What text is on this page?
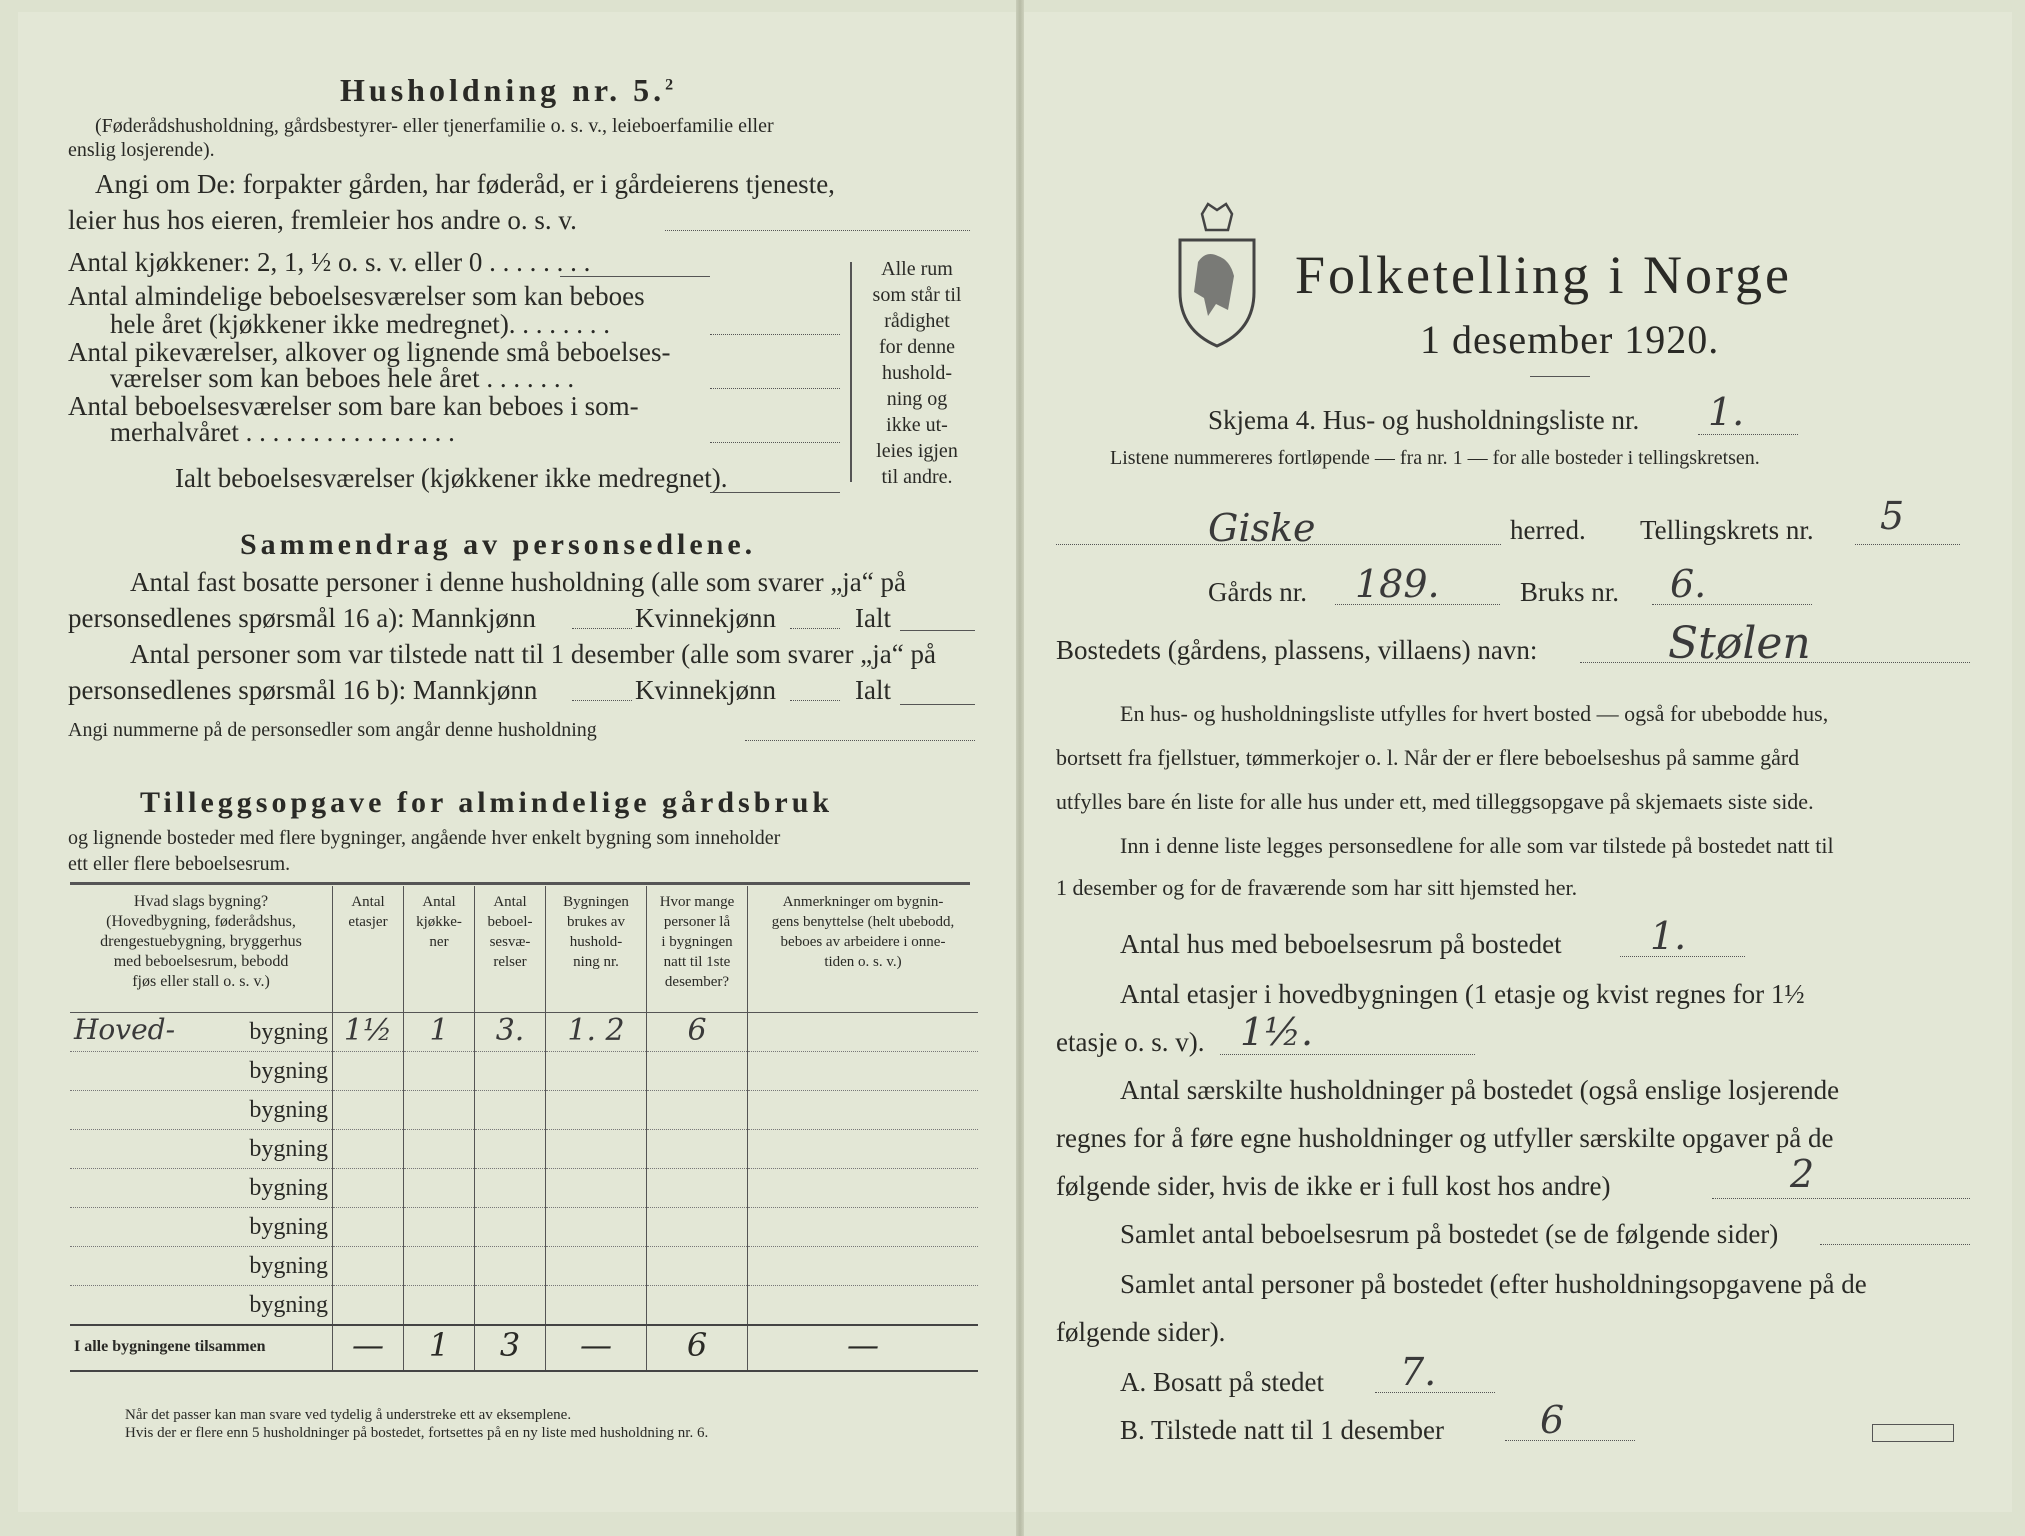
Husholdning nr. 5.$^2$
(Føderådshusholdning, gårdsbestyrer- eller tjenerfamilie o. s. v., leieboerfamilie eller
enslig losjerende).
Angi om De: forpakter gården, har føderåd, er i gårdeierens tjeneste,
leier hus hos eieren, fremleier hos andre o. s. v.
Antal kjøkkener: 2, 1, ½ o. s. v. eller 0 . . . . . . . .
Antal almindelige beboelsesværelser som kan beboes
hele året (kjøkkener ikke medregnet). . . . . . . .
Antal pikeværelser, alkover og lignende små beboelses-
værelser som kan beboes hele året . . . . . . .
Antal beboelsesværelser som bare kan beboes i som-
merhalvåret . . . . . . . . . . . . . . . .
Ialt beboelsesværelser (kjøkkener ikke medregnet).
Alle rum
som står til
rådighet
for denne
hushold-
ning og
ikke ut-
leies igjen
til andre.
Sammendrag av personsedlene.
Antal fast bosatte personer i denne husholdning (alle som svarer „ja“ på
personsedlenes spørsmål 16 a): Mannkjønn	Kvinnekjønn	Ialt
Antal personer som var tilstede natt til 1 desember (alle som svarer „ja“ på
personsedlenes spørsmål 16 b): Mannkjønn	Kvinnekjønn	Ialt
Angi nummerne på de personsedler som angår denne husholdning
Tilleggsopgave for almindelige gårdsbruk
og lignende bosteder med flere bygninger, angående hver enkelt bygning som inneholder
ett eller flere beboelsesrum.
Hvad slags bygning?
(Hovedbygning, føderådshus,
drengestuebygning, bryggerhus
med beboelsesrum, bebodd
fjøs eller stall o. s. v.)	Antal
etasjer	Antal
kjøkke-
ner	Antal
beboel-
sesvæ-
relser	Bygningen
brukes av
hushold-
ning nr.	Hvor mange
personer lå
i bygningen
natt til 1ste
desember?	Anmerkninger om bygnin-
gens benyttelse (helt ubebodd,
beboes av arbeidere i onne-
tiden o. s. v.)

Hoved- bygning	1½	1	3.	1. 2	6	

bygning						

bygning						

bygning						

bygning						

bygning						

bygning						

bygning						

I alle bygningene tilsammen	—	1	3	—	6	—
Når det passer kan man svare ved tydelig å understreke ett av eksemplene.
Hvis der er flere enn 5 husholdninger på bostedet, fortsettes på en ny liste med husholdning nr. 6.
Folketelling i Norge
1 desember 1920.
Skjema 4. Hus- og husholdningsliste nr. 1.
Listene nummereres fortløpende — fra nr. 1 — for alle bosteder i tellingskretsen.
Giske	herred. Tellingskrets nr. 5
Gårds nr. 189.	Bruks nr. 6.
Bostedets (gårdens, plassens, villaens) navn:	Stølen
En hus- og husholdningsliste utfylles for hvert bosted — også for ubebodde hus,
bortsett fra fjellstuer, tømmerkojer o. l. Når der er flere beboelseshus på samme gård
utfylles bare én liste for alle hus under ett, med tilleggsopgave på skjemaets siste side.
Inn i denne liste legges personsedlene for alle som var tilstede på bostedet natt til
1 desember og for de fraværende som har sitt hjemsted her.
Antal hus med beboelsesrum på bostedet 1.
Antal etasjer i hovedbygningen (1 etasje og kvist regnes for 1½
etasje o. s. v). 1½.
Antal særskilte husholdninger på bostedet (også enslige losjerende
regnes for å føre egne husholdninger og utfyller særskilte opgaver på de
følgende sider, hvis de ikke er i full kost hos andre)	2
Samlet antal beboelsesrum på bostedet (se de følgende sider)
Samlet antal personer på bostedet (efter husholdningsopgavene på de
følgende sider).
A. Bosatt på stedet 7.
B. Tilstede natt til 1 desember	6
